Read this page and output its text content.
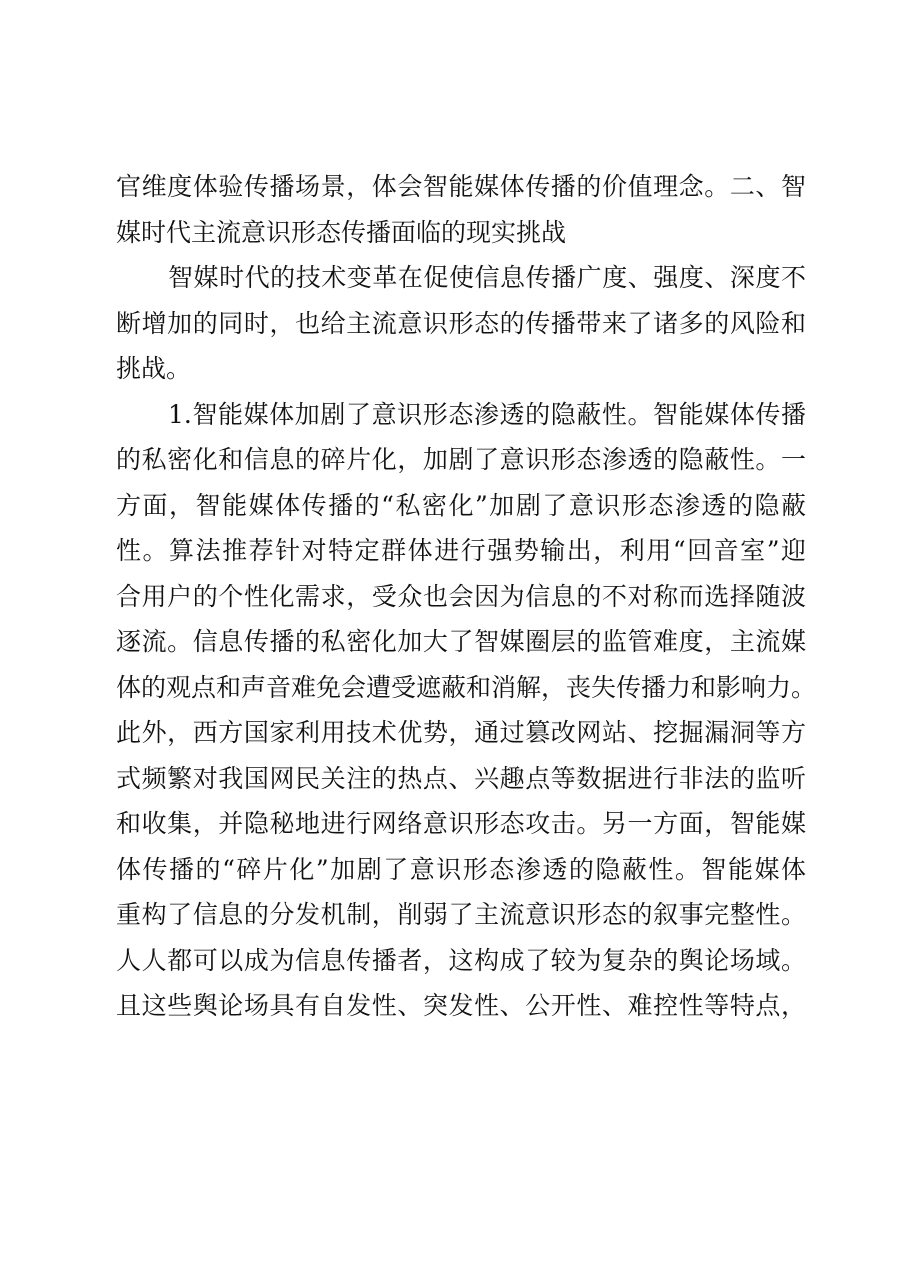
官维度体验传播场景，体会智能媒体传播的价值理念。二、智
媒时代主流意识形态传播面临的现实挑战
智媒时代的技术变革在促使信息传播广度、强度、深度不
断增加的同时，也给主流意识形态的传播带来了诸多的风险和
挑战。
1.智能媒体加剧了意识形态渗透的隐蔽性。智能媒体传播
的私密化和信息的碎片化，加剧了意识形态渗透的隐蔽性。一
方面，智能媒体传播的“私密化”加剧了意识形态渗透的隐蔽
性。算法推荐针对特定群体进行强势输出，利用“回音室”迎
合用户的个性化需求，受众也会因为信息的不对称而选择随波
逐流。信息传播的私密化加大了智媒圈层的监管难度，主流媒
体的观点和声音难免会遭受遮蔽和消解，丧失传播力和影响力。
此外，西方国家利用技术优势，通过篡改网站、挖掘漏洞等方
式频繁对我国网民关注的热点、兴趣点等数据进行非法的监听
和收集，并隐秘地进行网络意识形态攻击。另一方面，智能媒
体传播的“碎片化”加剧了意识形态渗透的隐蔽性。智能媒体
重构了信息的分发机制，削弱了主流意识形态的叙事完整性。
人人都可以成为信息传播者，这构成了较为复杂的舆论场域。
且这些舆论场具有自发性、突发性、公开性、难控性等特点，
